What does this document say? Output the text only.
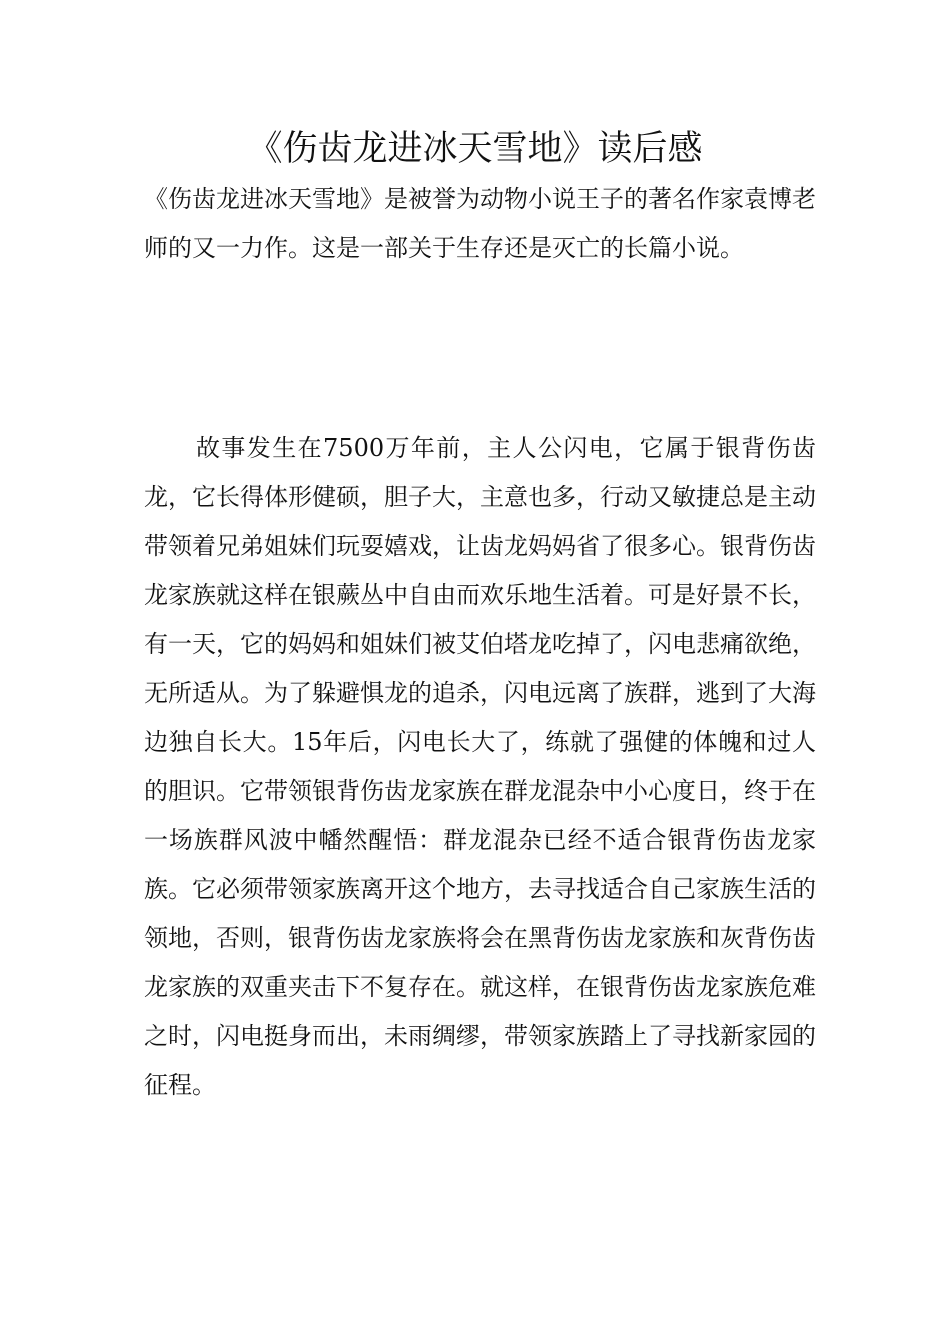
《伤齿龙进冰天雪地》读后感

《伤齿龙进冰天雪地》是被誉为动物小说王子的著名作家袁博老师的又一力作。这是一部关于生存还是灭亡的长篇小说。

故事发生在7500万年前，主人公闪电，它属于银背伤齿龙，它长得体形健硕，胆子大，主意也多，行动又敏捷总是主动带领着兄弟姐妹们玩耍嬉戏，让齿龙妈妈省了很多心。银背伤齿龙家族就这样在银蕨丛中自由而欢乐地生活着。可是好景不长，有一天，它的妈妈和姐妹们被艾伯塔龙吃掉了，闪电悲痛欲绝，无所适从。为了躲避惧龙的追杀，闪电远离了族群，逃到了大海边独自长大。15年后，闪电长大了，练就了强健的体魄和过人的胆识。它带领银背伤齿龙家族在群龙混杂中小心度日，终于在一场族群风波中幡然醒悟：群龙混杂已经不适合银背伤齿龙家族。它必须带领家族离开这个地方，去寻找适合自己家族生活的领地，否则，银背伤齿龙家族将会在黑背伤齿龙家族和灰背伤齿龙家族的双重夹击下不复存在。就这样，在银背伤齿龙家族危难之时，闪电挺身而出，未雨绸缪，带领家族踏上了寻找新家园的征程。
